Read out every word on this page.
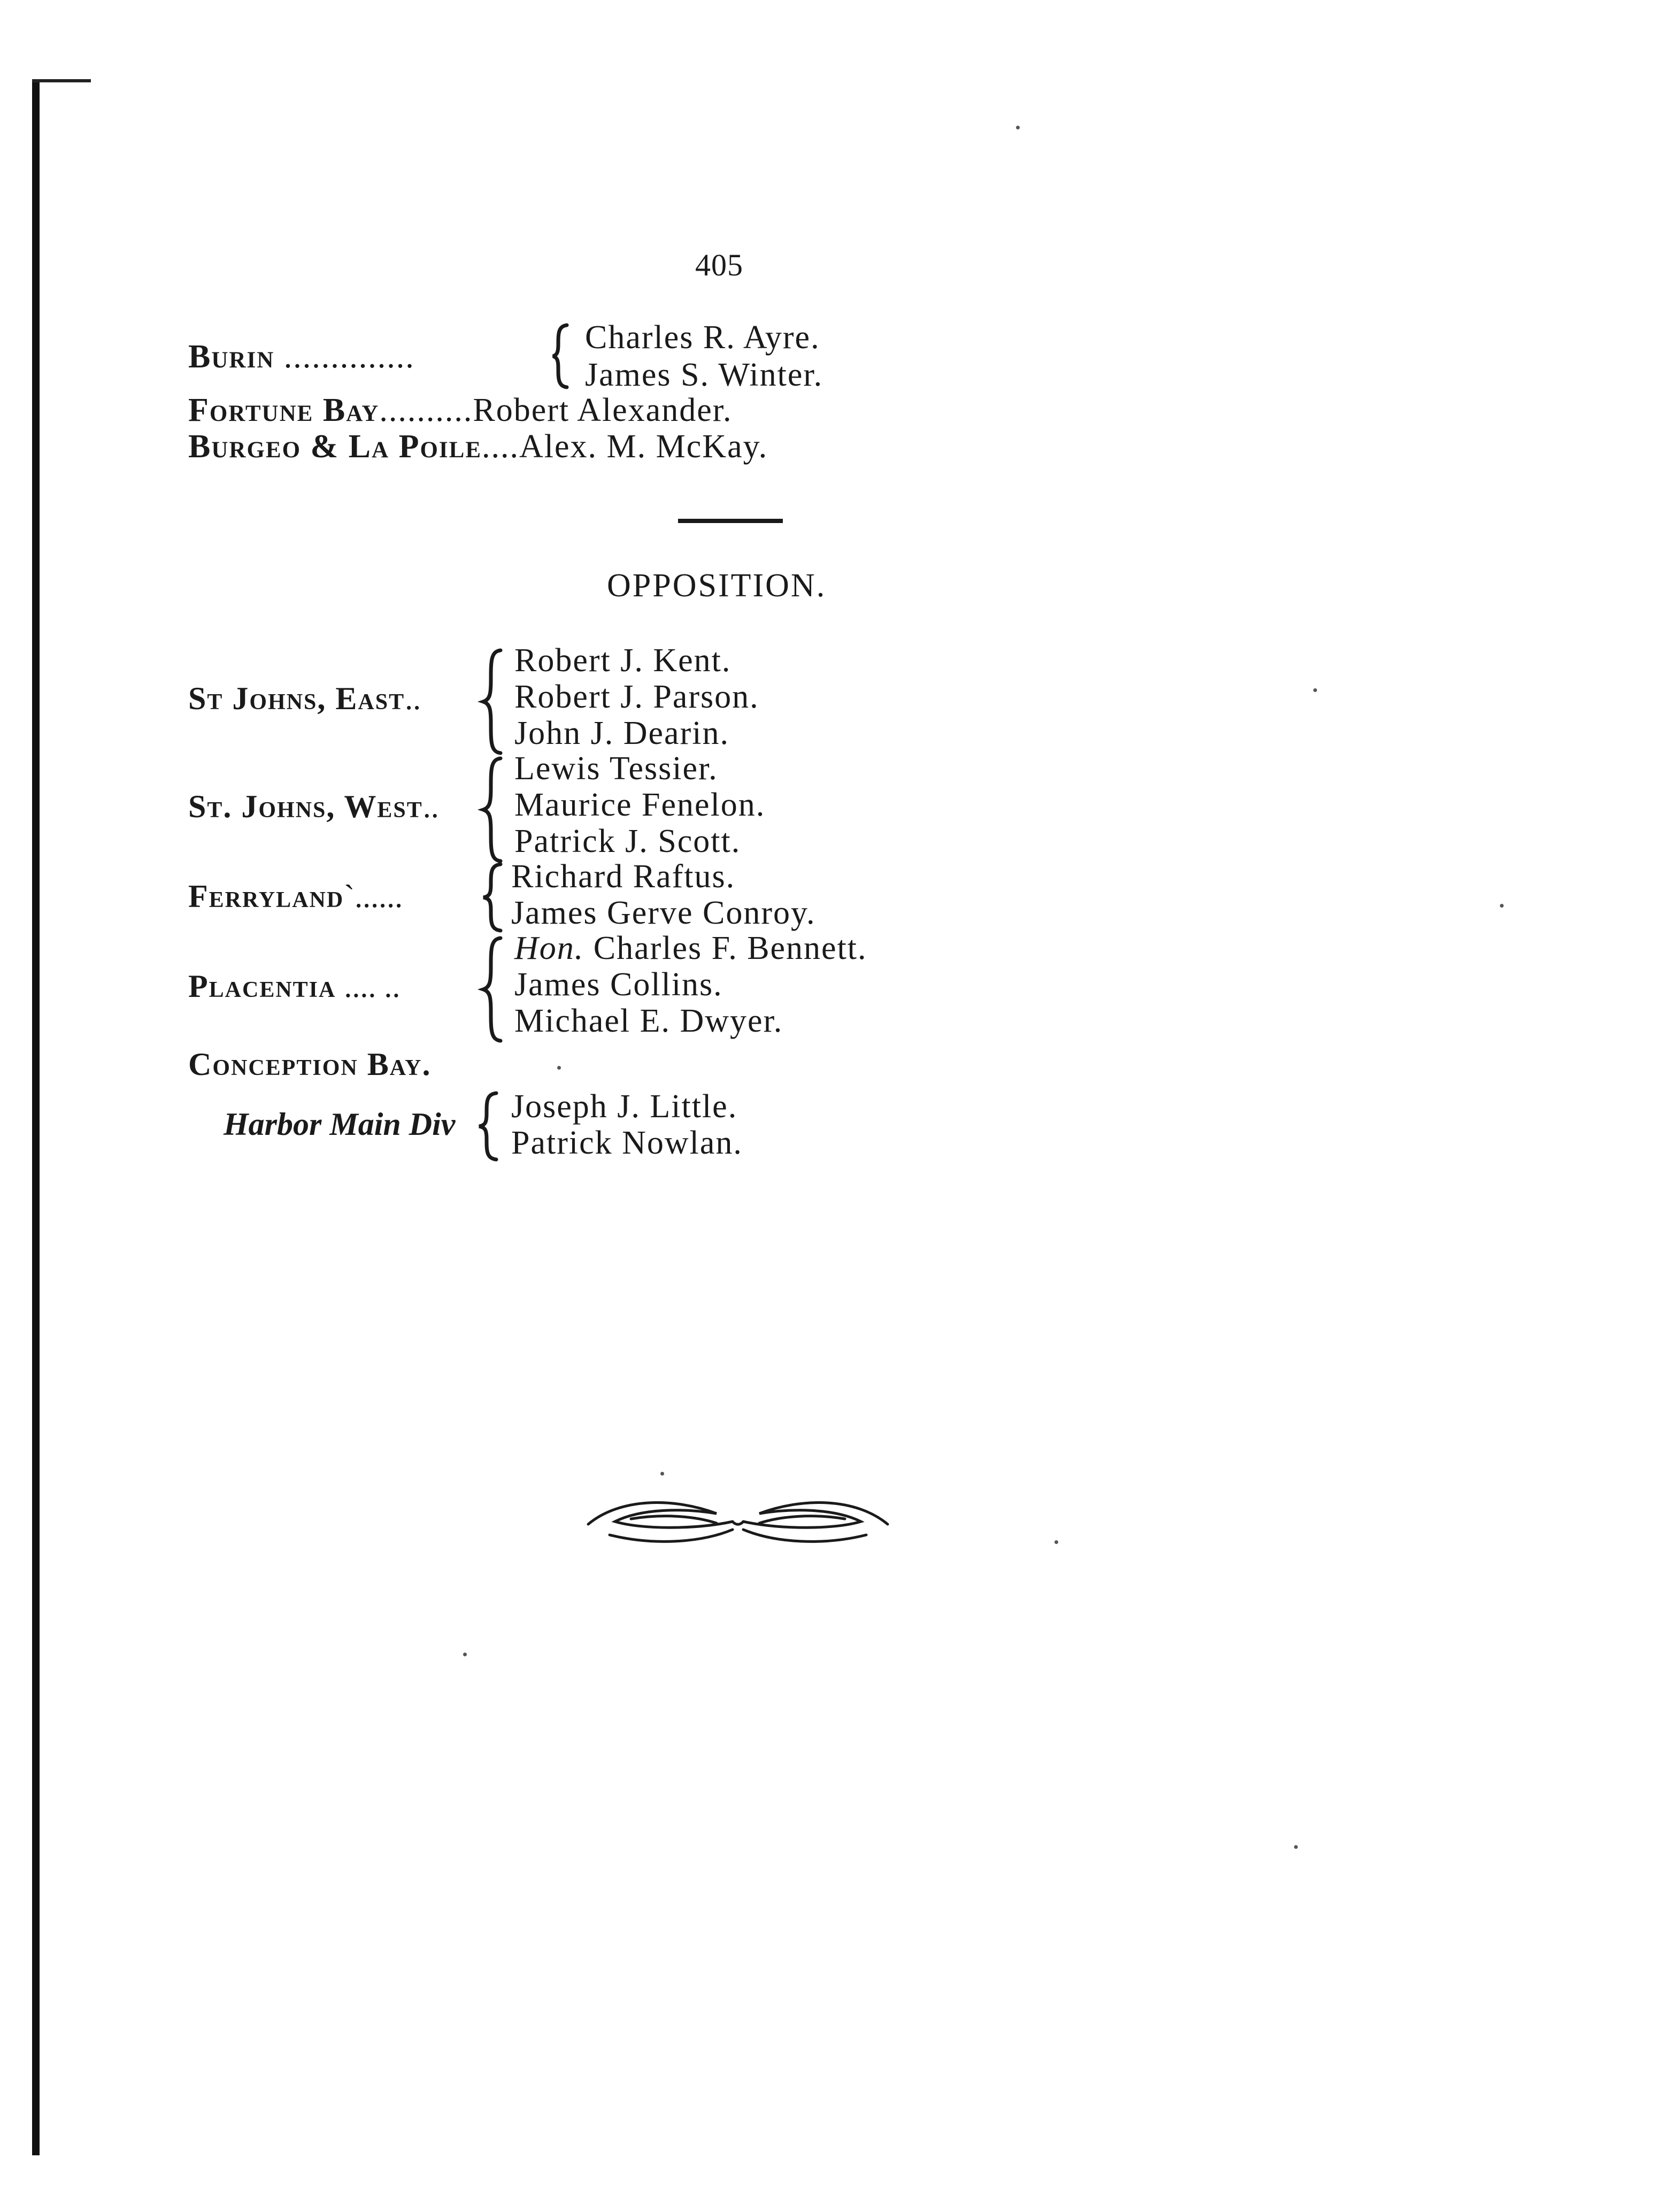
405
Burin ..............
Charles R. Ayre.
James S. Winter.
Fortune Bay..........Robert Alexander.
Burgeo & La Poile....Alex. M. McKay.
OPPOSITION.
St Johns, East..
Robert J. Kent.
Robert J. Parson.
John J. Dearin.
St. Johns, West..
Lewis Tessier.
Maurice Fenelon.
Patrick J. Scott.
Ferryland`......
Richard Raftus.
James Gerve Conroy.
Placentia .... ..
Hon. Charles F. Bennett.
James Collins.
Michael E. Dwyer.
Conception Bay.
Harbor Main Div Joseph J. Little.
Patrick Nowlan.
